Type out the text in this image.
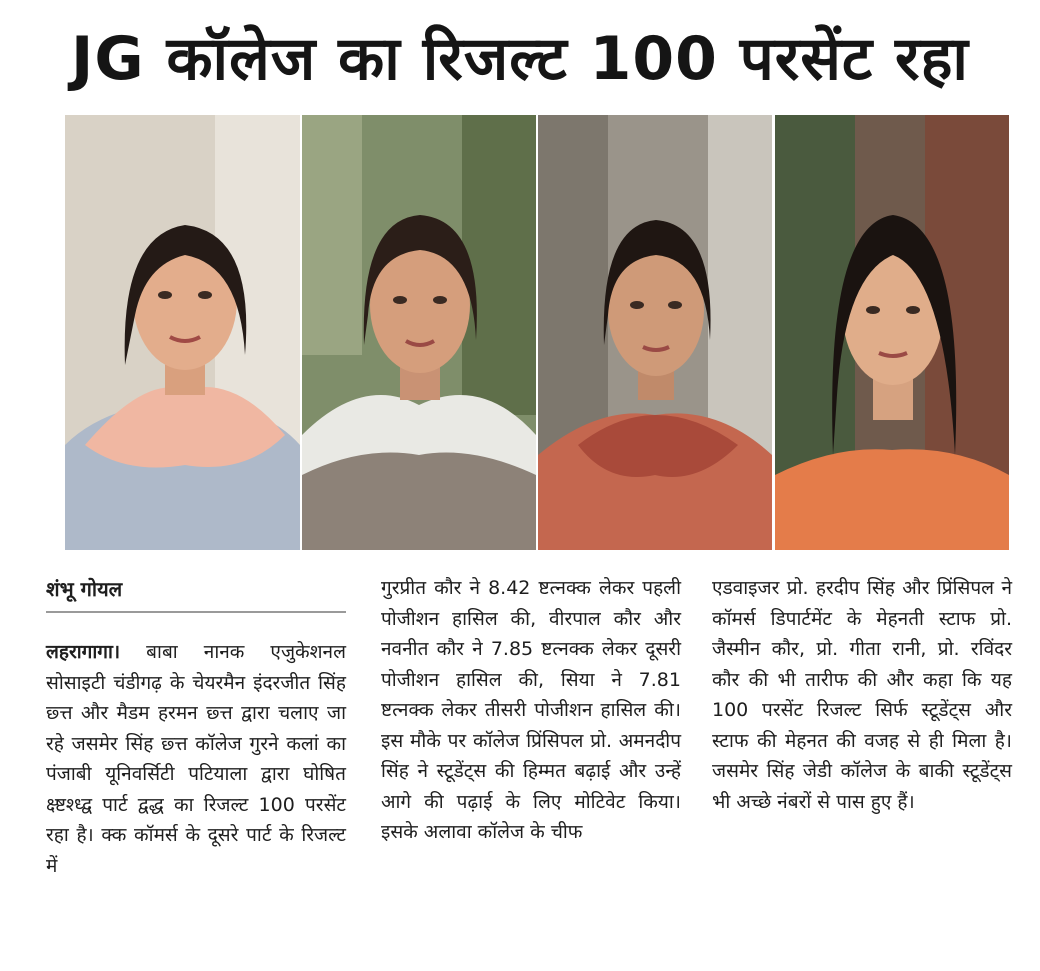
JG कॉलेज का रिजल्ट 100 परसेंट रहा
शंभू गोयल

लहरागागा। बाबा नानक एजुकेशनल सोसाइटी चंडीगढ़ के चेयरमैन इंदरजीत सिंह छ्त्त और मैडम हरमन छ्त्त द्वारा चलाए जा रहे जसमेर सिंह छ्त्त कॉलेज गुरने कलां का पंजाबी यूनिवर्सिटी पटियाला द्वारा घोषित क्ष्ष्टश्ध्द्व पार्ट द्वद्ध का रिजल्ट 100 परसेंट रहा है। क्क कॉमर्स के दूसरे पार्ट के रिजल्ट में

गुरप्रीत कौर ने 8.42 ष्टत्नक्क लेकर पहली पोजीशन हासिल की, वीरपाल कौर और नवनीत कौर ने 7.85 ष्टत्नक्क लेकर दूसरी पोजीशन हासिल की, सिया ने 7.81 ष्टत्नक्क लेकर तीसरी पोजीशन हासिल की। इस मौके पर कॉलेज प्रिंसिपल प्रो. अमनदीप सिंह ने स्टूडेंट्स की हिम्मत बढ़ाई और उन्हें आगे की पढ़ाई के लिए मोटिवेट किया। इसके अलावा कॉलेज के चीफ

एडवाइजर प्रो. हरदीप सिंह और प्रिंसिपल ने कॉमर्स डिपार्टमेंट के मेहनती स्टाफ प्रो. जैस्मीन कौर, प्रो. गीता रानी, प्रो. रविंदर कौर की भी तारीफ की और कहा कि यह 100 परसेंट रिजल्ट सिर्फ स्टूडेंट्स और स्टाफ की मेहनत की वजह से ही मिला है। जसमेर सिंह जेडी कॉलेज के बाकी स्टूडेंट्स भी अच्छे नंबरों से पास हुए हैं।
